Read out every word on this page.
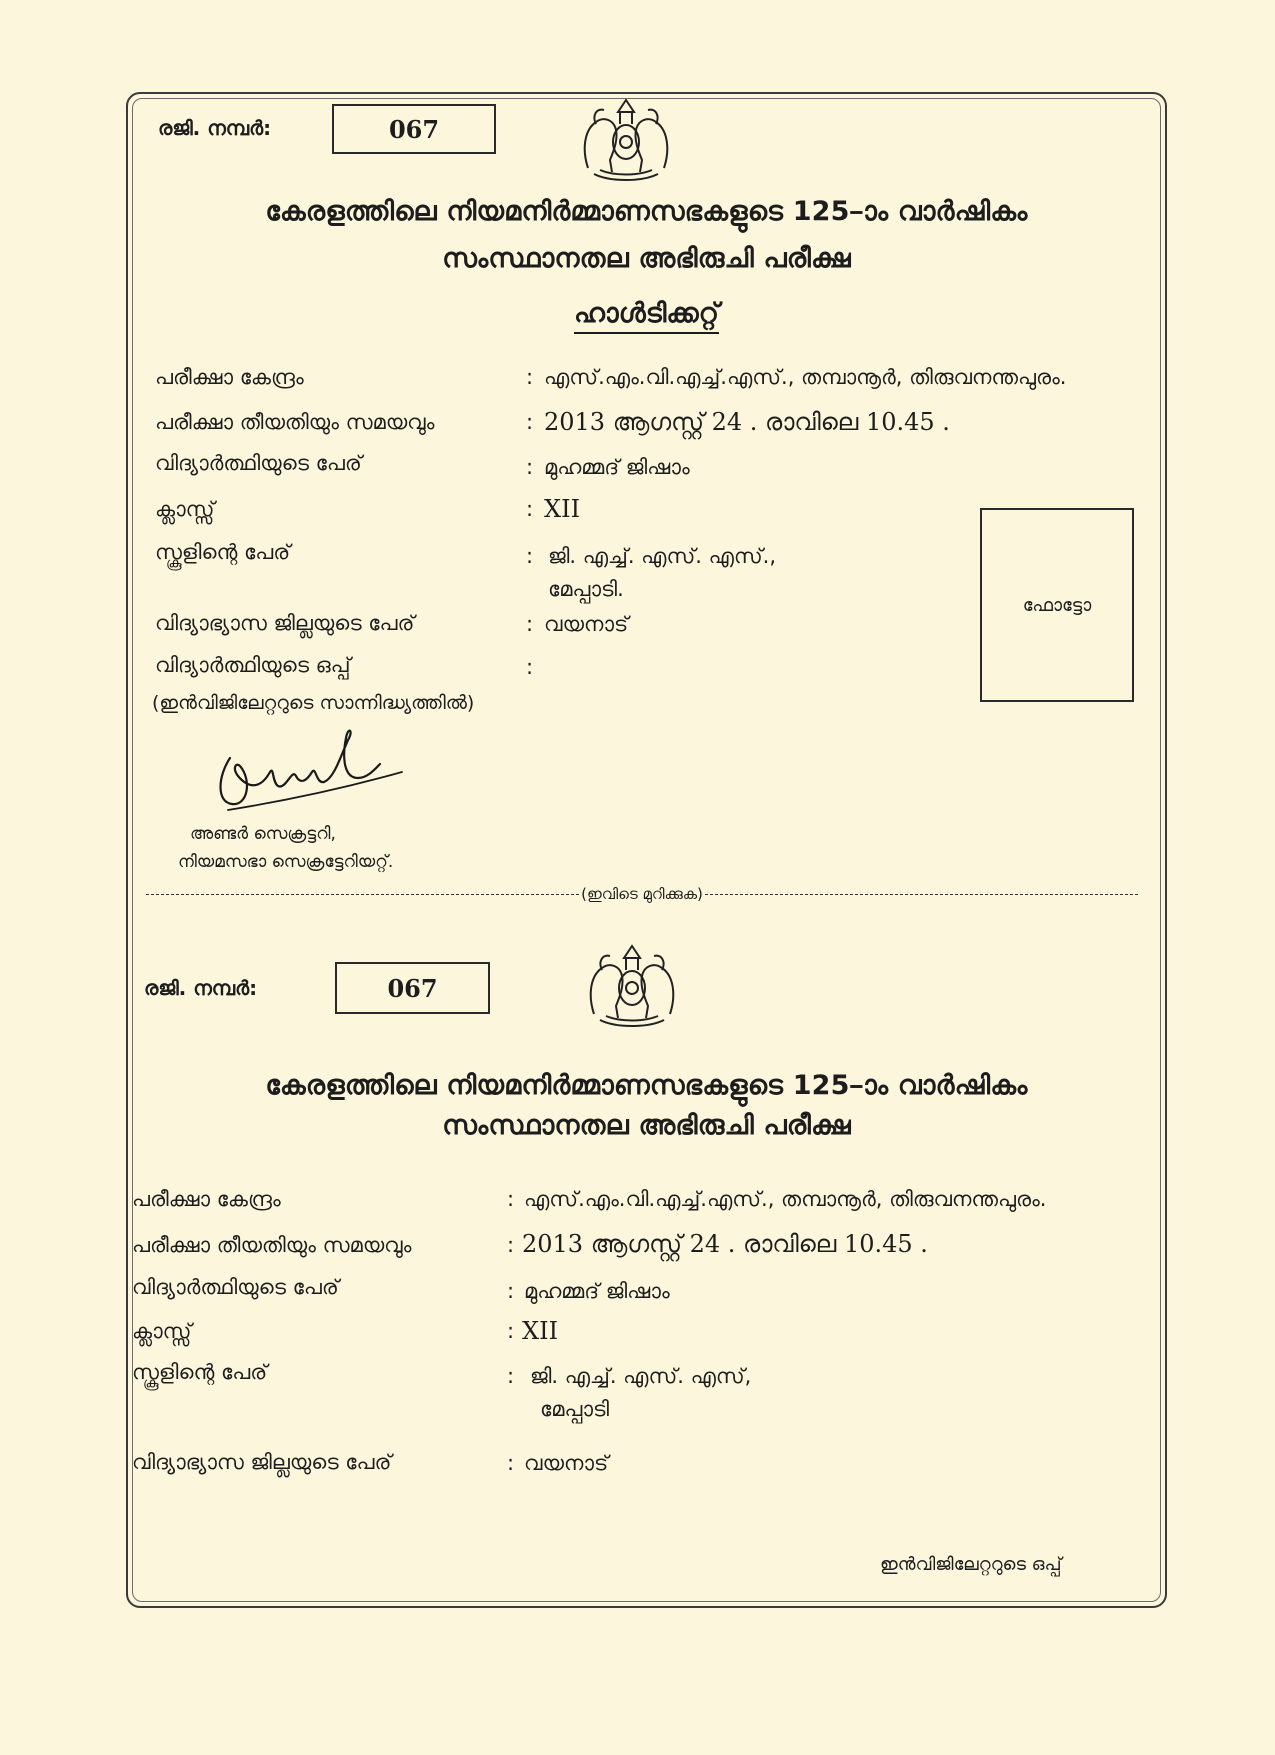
രജി. നമ്പർ:	067
കേരളത്തിലെ നിയമനിർമ്മാണസഭകളുടെ 125–ാം വാർഷികം
സംസ്ഥാനതല അഭിരുചി പരീക്ഷ
ഹാൾടിക്കറ്റ്
പരീക്ഷാ കേന്ദ്രം	: എസ്.എം.വി.എച്ച്.എസ്., തമ്പാനൂർ, തിരുവനന്തപുരം.
പരീക്ഷാ തീയതിയും സമയവും	: 2013 ആഗസ്റ്റ് 24 . രാവിലെ 10.45 .
വിദ്യാർത്ഥിയുടെ പേര്	: മുഹമ്മദ് ജിഷാം
ക്ലാസ്സ്	: XII
സ്കൂളിന്റെ പേര്	: ജി. എച്ച്. എസ്. എസ്.,
മേപ്പാടി.
വിദ്യാഭ്യാസ ജില്ലയുടെ പേര്	: വയനാട്
വിദ്യാർത്ഥിയുടെ ഒപ്പ്	:
(ഇൻവിജിലേറ്ററുടെ സാന്നിദ്ധ്യത്തിൽ)
ഫോട്ടോ
അണ്ടർ സെക്രട്ടറി,
നിയമസഭാ സെക്രട്ടേറിയറ്റ്.
(ഇവിടെ മുറിക്കുക)
രജി. നമ്പർ:	067
കേരളത്തിലെ നിയമനിർമ്മാണസഭകളുടെ 125–ാം വാർഷികം
സംസ്ഥാനതല അഭിരുചി പരീക്ഷ
പരീക്ഷാ കേന്ദ്രം	: എസ്.എം.വി.എച്ച്.എസ്., തമ്പാനൂർ, തിരുവനന്തപുരം.
പരീക്ഷാ തീയതിയും സമയവും	: 2013 ആഗസ്റ്റ് 24 . രാവിലെ 10.45 .
വിദ്യാർത്ഥിയുടെ പേര്	: മുഹമ്മദ് ജിഷാം
ക്ലാസ്സ്	: XII
സ്കൂളിന്റെ പേര്	: ജി. എച്ച്. എസ്. എസ്,
മേപ്പാടി
വിദ്യാഭ്യാസ ജില്ലയുടെ പേര്	: വയനാട്
ഇൻവിജിലേറ്ററുടെ ഒപ്പ്
